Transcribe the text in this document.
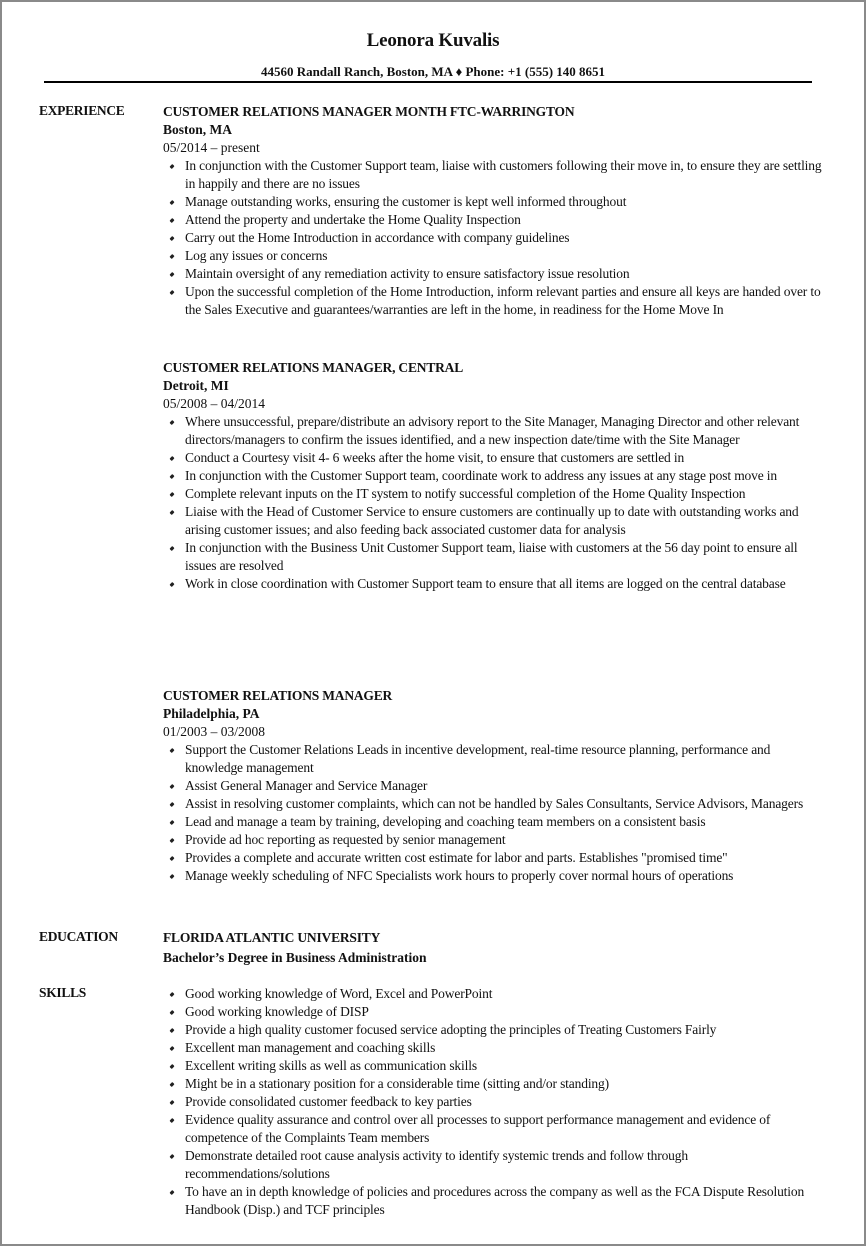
Leonora Kuvalis
44560 Randall Ranch, Boston, MA ♦ Phone: +1 (555) 140 8651
EXPERIENCE	CUSTOMER RELATIONS MANAGER MONTH FTC-WARRINGTON
Boston, MA
05/2014 – present
In conjunction with the Customer Support team, liaise with customers following their move in, to ensure they are settling in happily and there are no issues
Manage outstanding works, ensuring the customer is kept well informed throughout
Attend the property and undertake the Home Quality Inspection
Carry out the Home Introduction in accordance with company guidelines
Log any issues or concerns
Maintain oversight of any remediation activity to ensure satisfactory issue resolution
Upon the successful completion of the Home Introduction, inform relevant parties and ensure all keys are handed over to the Sales Executive and guarantees/warranties are left in the home, in readiness for the Home Move In
CUSTOMER RELATIONS MANAGER, CENTRAL
Detroit, MI
05/2008 – 04/2014
Where unsuccessful, prepare/distribute an advisory report to the Site Manager, Managing Director and other relevant directors/managers to confirm the issues identified, and a new inspection date/time with the Site Manager
Conduct a Courtesy visit 4- 6 weeks after the home visit, to ensure that customers are settled in
In conjunction with the Customer Support team, coordinate work to address any issues at any stage post move in
Complete relevant inputs on the IT system to notify successful completion of the Home Quality Inspection
Liaise with the Head of Customer Service to ensure customers are continually up to date with outstanding works and arising customer issues; and also feeding back associated customer data for analysis
In conjunction with the Business Unit Customer Support team, liaise with customers at the 56 day point to ensure all issues are resolved
Work in close coordination with Customer Support team to ensure that all items are logged on the central database
CUSTOMER RELATIONS MANAGER
Philadelphia, PA
01/2003 – 03/2008
Support the Customer Relations Leads in incentive development, real-time resource planning, performance and knowledge management
Assist General Manager and Service Manager
Assist in resolving customer complaints, which can not be handled by Sales Consultants, Service Advisors, Managers
Lead and manage a team by training, developing and coaching team members on a consistent basis
Provide ad hoc reporting as requested by senior management
Provides a complete and accurate written cost estimate for labor and parts. Establishes "promised time"
Manage weekly scheduling of NFC Specialists work hours to properly cover normal hours of operations
EDUCATION	FLORIDA ATLANTIC UNIVERSITY
Bachelor’s Degree in Business Administration
SKILLS	Good working knowledge of Word, Excel and PowerPoint
Good working knowledge of DISP
Provide a high quality customer focused service adopting the principles of Treating Customers Fairly
Excellent man management and coaching skills
Excellent writing skills as well as communication skills
Might be in a stationary position for a considerable time (sitting and/or standing)
Provide consolidated customer feedback to key parties
Evidence quality assurance and control over all processes to support performance management and evidence of competence of the Complaints Team members
Demonstrate detailed root cause analysis activity to identify systemic trends and follow through recommendations/solutions
To have an in depth knowledge of policies and procedures across the company as well as the FCA Dispute Resolution Handbook (Disp.) and TCF principles
